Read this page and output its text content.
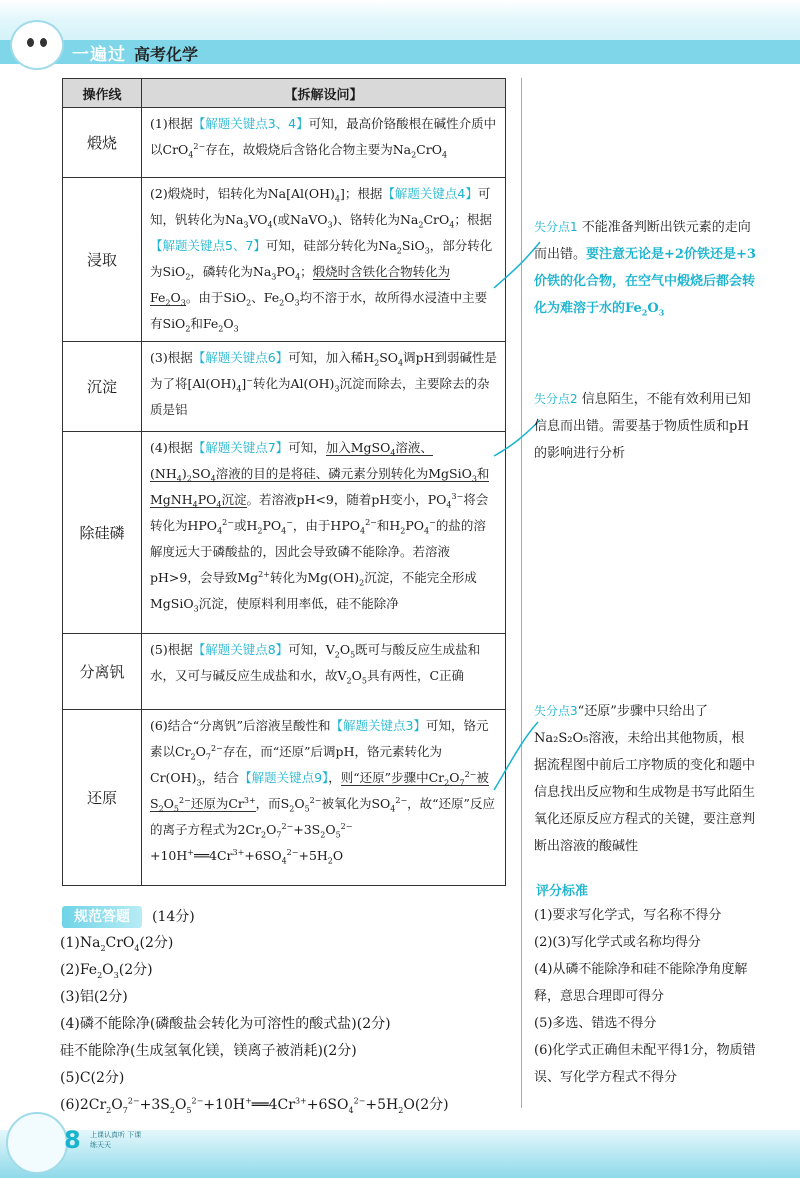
一遍过 高考化学
操作线	【拆解设问】
煅烧	(1)根据【解题关键点3、4】可知，最高价铬酸根在碱性介质中以CrO$_4^{2-}$存在，故煅烧后含铬化合物主要为$Na_2CrO_4$
浸取	(2)煅烧时，铝转化为$Na[Al(OH)_4]$；根据【解题关键点4】可知，钒转化为$Na_3VO_4$(或NaVO$_3$)、铬转化为$Na_2CrO_4$；根据【解题关键点5、7】可知，硅部分转化为$Na_2SiO_3$，部分转化为SiO$_2$，磷转化为$Na_3PO_4$；煅烧时含铁化合物转化为$Fe_2O_3$。由于SiO$_2$、$Fe_2O_3$均不溶于水，故所得水浸渣中主要有SiO$_2$和$Fe_2O_3$
沉淀	(3)根据【解题关键点6】可知，加入稀$H_2SO_4$调pH到弱碱性是为了将$[Al(OH)_4]^-$转化为$Al(OH)_3$沉淀而除去，主要除去的杂质是铝
除硅磷	(4)根据【解题关键点7】可知，加入MgSO$_4$溶液、$(NH_4)_2SO_4$溶液的目的是将硅、磷元素分别转化为MgSiO$_3$和$MgNH_4PO_4$沉淀。若溶液pH<9，随着pH变小，$PO_4^{3-}$将会转化为$HPO_4^{2-}$或$H_2PO_4^-$，由于$HPO_4^{2-}$和$H_2PO_4^-$的盐的溶解度远大于磷酸盐的，因此会导致磷不能除净。若溶液pH>9，会导致$Mg^{2+}$转化为$Mg(OH)_2$沉淀，不能完全形成MgSiO$_3$沉淀，使原料利用率低，硅不能除净
分离钒	(5)根据【解题关键点8】可知，$V_2O_5$既可与酸反应生成盐和水，又可与碱反应生成盐和水，故$V_2O_5$具有两性，C正确
还原	(6)结合“分离钒”后溶液呈酸性和【解题关键点3】可知，铬元素以$Cr_2O_7^{2-}$存在，而“还原”后调pH，铬元素转化为$Cr(OH)_3$，结合【解题关键点9】，则“还原”步骤中$Cr_2O_7^{2-}$被$S_2O_5^{2-}$还原为$Cr^{3+}$，而$S_2O_5^{2-}$被氧化为$SO_4^{2-}$，故“还原”反应的离子方程式为$2Cr_2O_7^{2-}+3S_2O_5^{2-}+10H^+══4Cr^{3+}+6SO_4^{2-}+5H_2O$
失分点1 不能准备判断出铁元素的走向而出错。要注意无论是+2价铁还是+3价铁的化合物，在空气中煅烧后都会转化为难溶于水的$Fe_2O_3$
失分点2 信息陌生，不能有效利用已知信息而出错。需要基于物质性质和pH的影响进行分析
失分点3“还原”步骤中只给出了Na₂S₂O₅溶液，未给出其他物质，根据流程图中前后工序物质的变化和题中信息找出反应物和生成物是书写此陌生氧化还原反应方程式的关键，要注意判断出溶液的酸碱性
评分标准
(1)要求写化学式，写名称不得分
(2)(3)写化学式或名称均得分
(4)从磷不能除净和硅不能除净角度解释，意思合理即可得分
(5)多选、错选不得分
(6)化学式正确但未配平得1分，物质错误、写化学方程式不得分
规范答题	(14分)
$(1)Na_2CrO_4(2$分)
$(2)Fe_2O_3(2$分)
(3)铝(2分)
(4)磷不能除净(磷酸盐会转化为可溶性的酸式盐)(2分)
硅不能除净(生成氢氧化镁，镁离子被消耗)(2分)
(5)C(2分)
$(6)2Cr_2O_7^{2-}+3S_2O_5^{2-}+10H^+══4Cr^{3+}+6SO_4^{2-}+5H_2O(2$分)
8 上课认真听 下课练天天
